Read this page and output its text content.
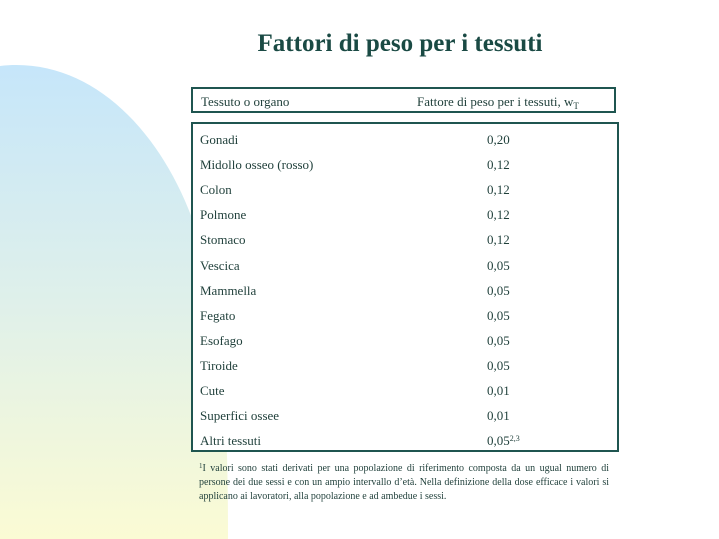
Fattori di peso per i tessuti
Tessuto o organo	Fattore di peso per i tessuti, $w_T$
Gonadi	0,20
Midollo osseo (rosso)	0,12
Colon	0,12
Polmone	0,12
Stomaco	0,12
Vescica	0,05
Mammella	0,05
Fegato	0,05
Esofago	0,05
Tiroide	0,05
Cute	0,01
Superfici ossee	0,01
Altri tessuti	0,05$^{2,3}$
$^1$I valori sono stati derivati per una popolazione di riferimento composta da un ugual numero di persone dei due sessi e con un ampio intervallo d’età. Nella definizione della dose efficace i valori si applicano ai lavoratori, alla popolazione e ad ambedue i sessi.
